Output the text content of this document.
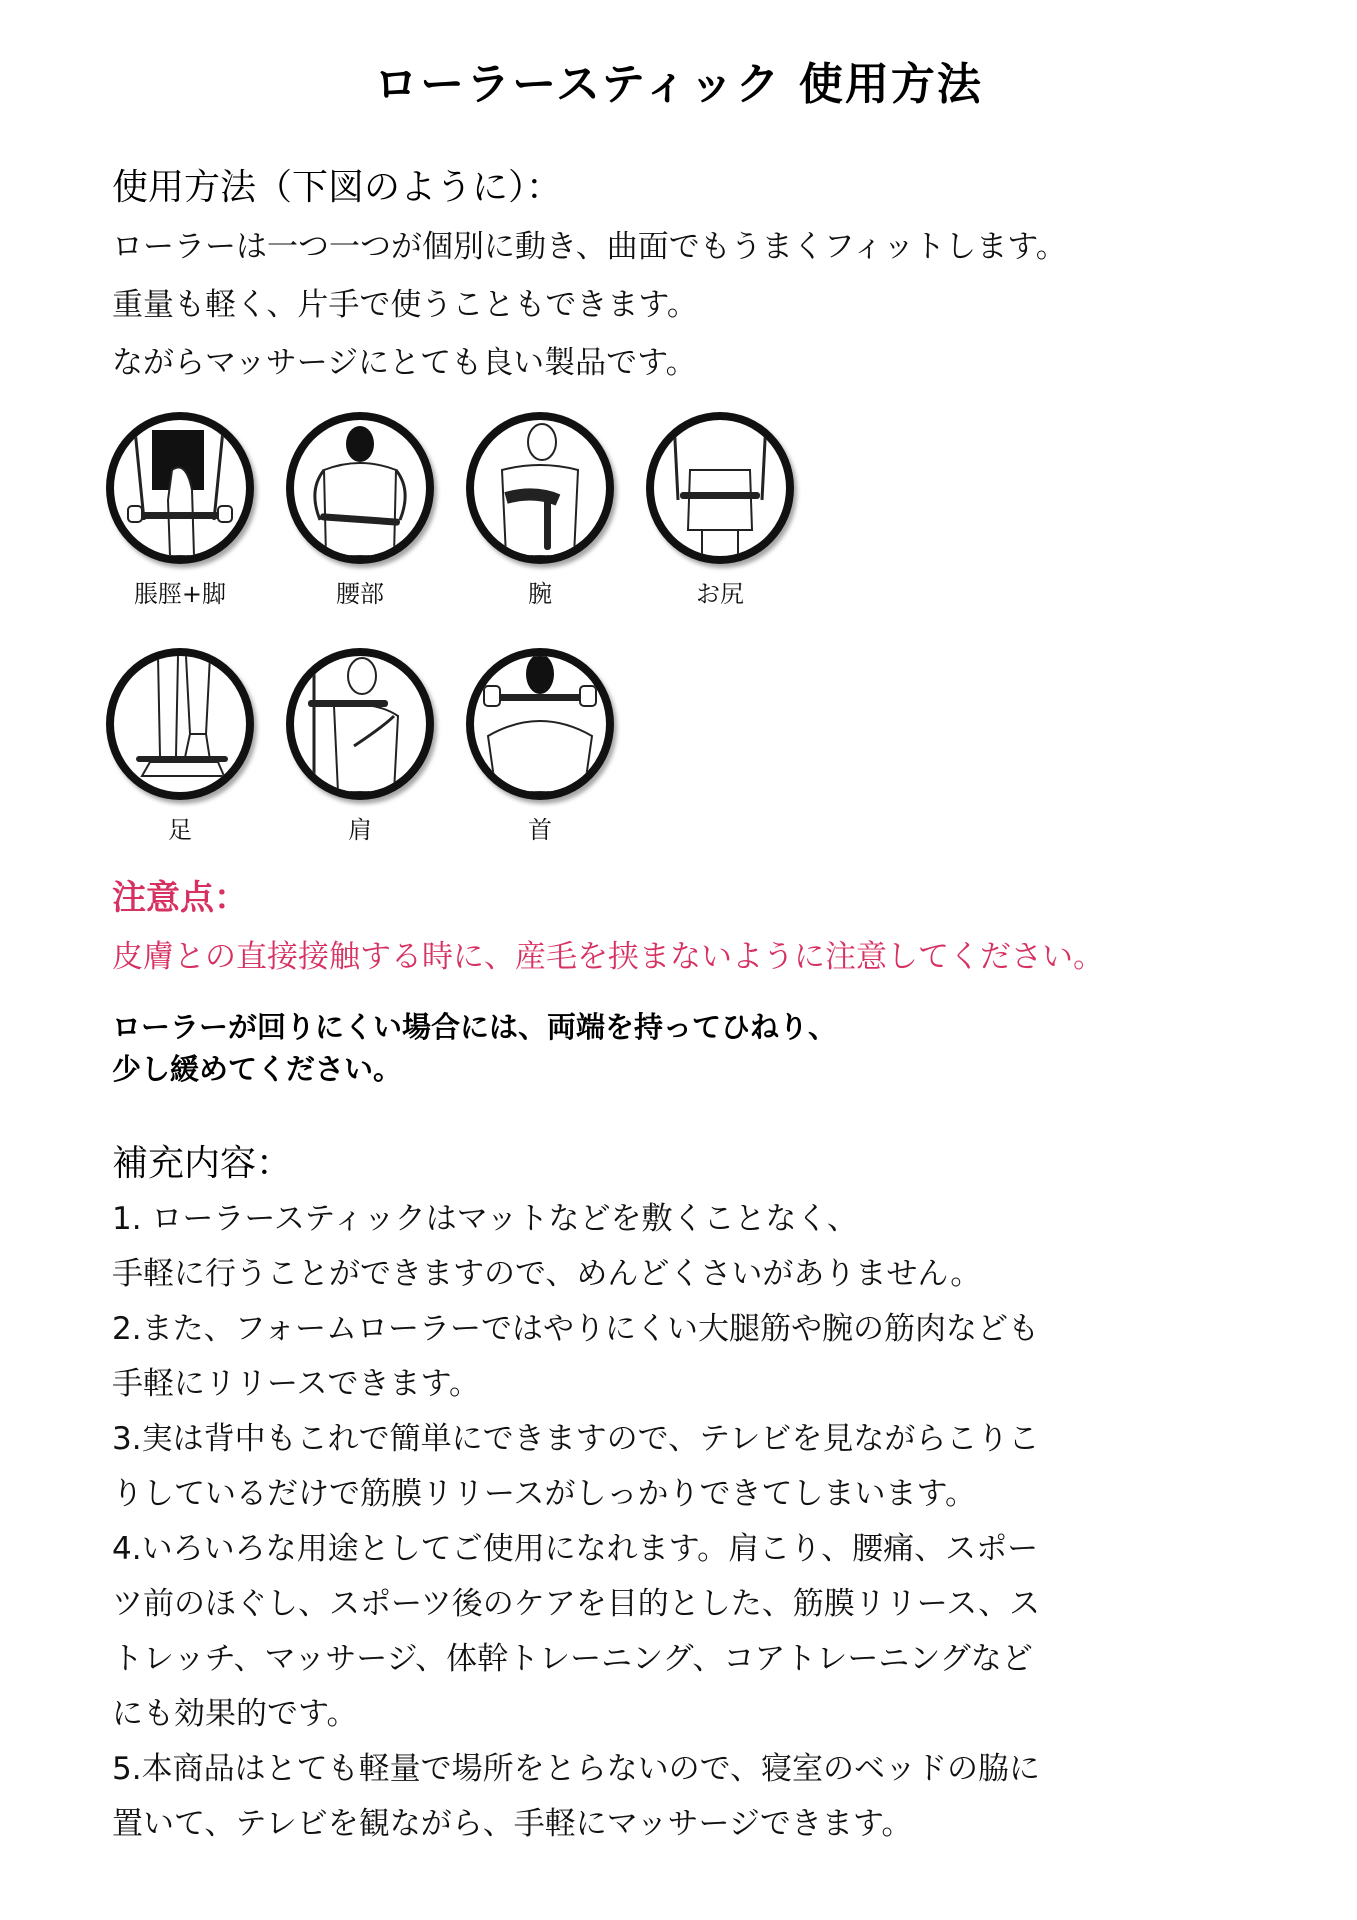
ローラースティック 使用方法

使用方法（下図のように）：

ローラーは一つ一つが個別に動き、曲面でもうまくフィットします。

重量も軽く、片手で使うこともできます。

ながらマッサージにとても良い製品です。

脹脛+脚	腰部	腕	お尻
足	肩	首

注意点：

皮膚との直接接触する時に、産毛を挟まないように注意してください。

ローラーが回りにくい場合には、両端を持ってひねり、

少し緩めてください。

補充内容：

1. ローラースティックはマットなどを敷くことなく、

手軽に行うことができますので、めんどくさいがありません。

2.また、フォームローラーではやりにくい大腿筋や腕の筋肉なども

手軽にリリースできます。

3.実は背中もこれで簡単にできますので、テレビを見ながらこりこ

りしているだけで筋膜リリースがしっかりできてしまいます。

4.いろいろな用途としてご使用になれます。肩こり、腰痛、スポー

ツ前のほぐし、スポーツ後のケアを目的とした、筋膜リリース、ス

トレッチ、マッサージ、体幹トレーニング、コアトレーニングなど

にも効果的です。

5.本商品はとても軽量で場所をとらないので、寝室のベッドの脇に

置いて、テレビを観ながら、手軽にマッサージできます。
